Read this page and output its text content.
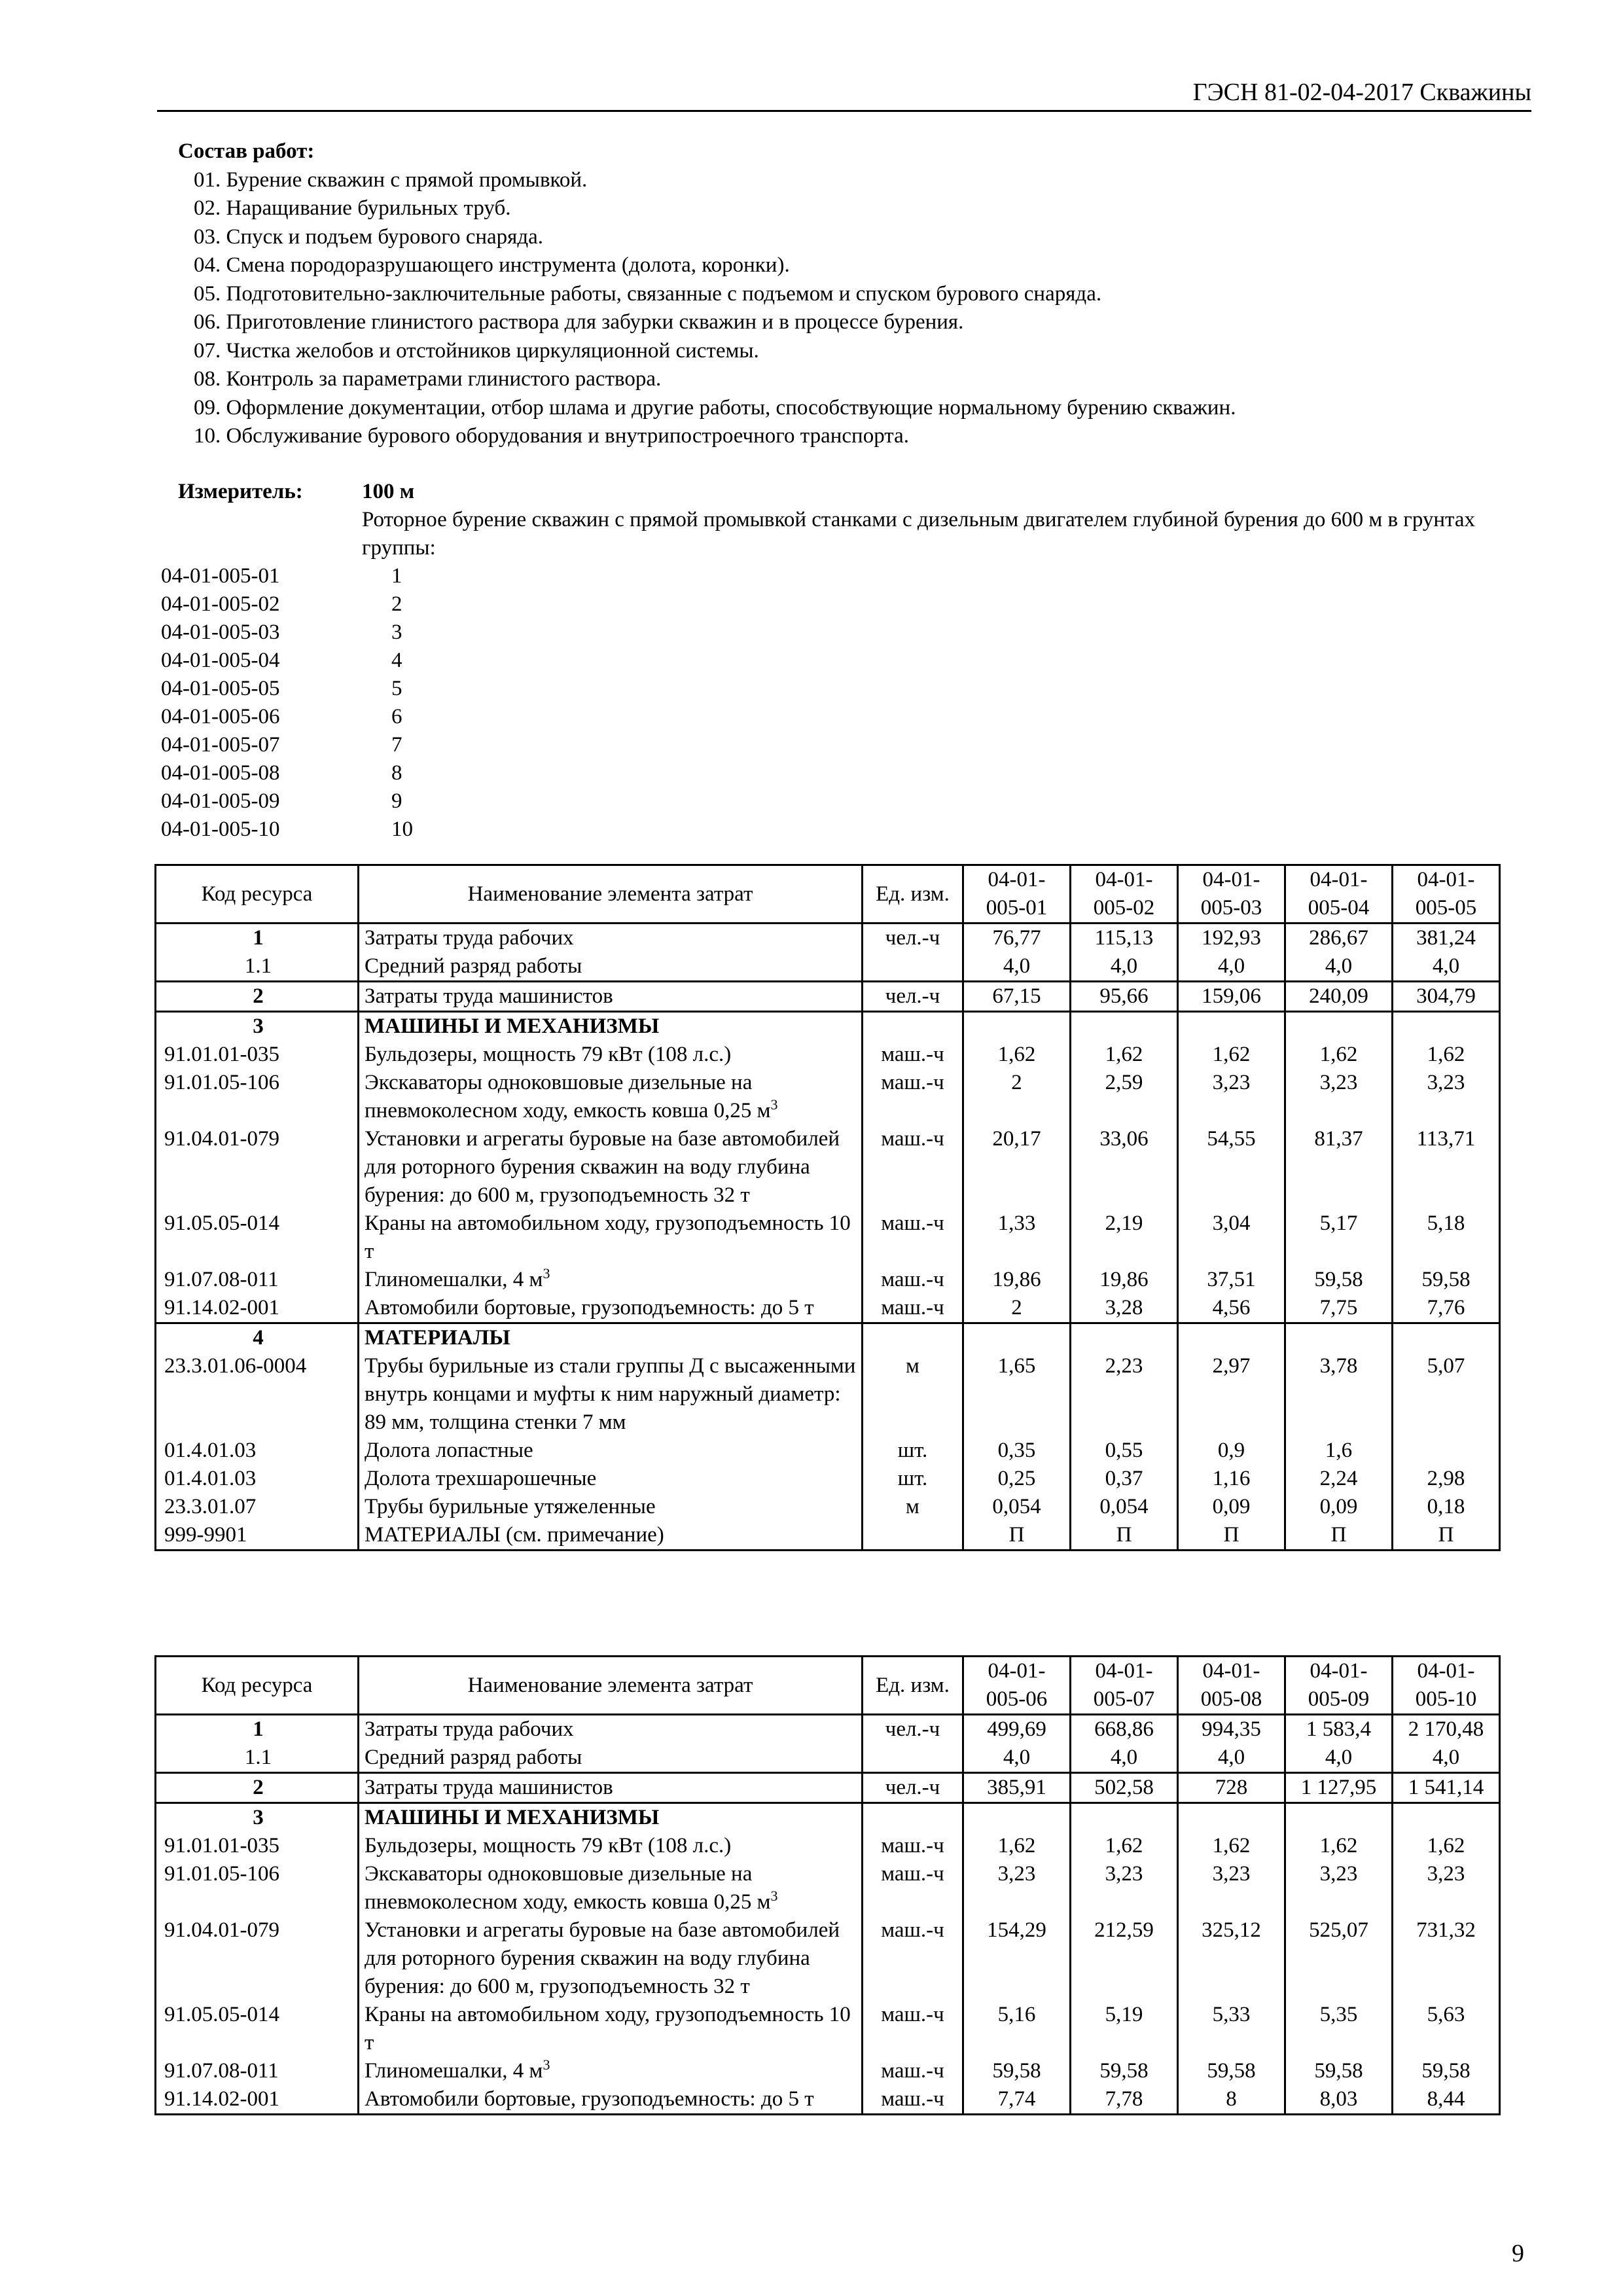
ГЭСН 81-02-04-2017 Скважины
Состав работ:
01. Бурение скважин с прямой промывкой.
02. Наращивание бурильных труб.
03. Спуск и подъем бурового снаряда.
04. Смена породоразрушающего инструмента (долота, коронки).
05. Подготовительно-заключительные работы, связанные с подъемом и спуском бурового снаряда.
06. Приготовление глинистого раствора для забурки скважин и в процессе бурения.
07. Чистка желобов и отстойников циркуляционной системы.
08. Контроль за параметрами глинистого раствора.
09. Оформление документации, отбор шлама и другие работы, способствующие нормальному бурению скважин.
10. Обслуживание бурового оборудования и внутрипостроечного транспорта.
Измеритель:	100 м
Роторное бурение скважин с прямой промывкой станками с дизельным двигателем глубиной бурения до 600 м в грунтах группы:
04-01-005-01	1
04-01-005-02	2
04-01-005-03	3
04-01-005-04	4
04-01-005-05	5
04-01-005-06	6
04-01-005-07	7
04-01-005-08	8
04-01-005-09	9
04-01-005-10	10
Код ресурса	Наименование элемента затрат	Ед. изм.	04-01-005-01	04-01-005-02	04-01-005-03	04-01-005-04	04-01-005-05
1	Затраты труда рабочих	чел.-ч	76,77	115,13	192,93	286,67	381,24
1.1	Средний разряд работы		4,0	4,0	4,0	4,0	4,0
2	Затраты труда машинистов	чел.-ч	67,15	95,66	159,06	240,09	304,79
3	МАШИНЫ И МЕХАНИЗМЫ						
91.01.01-035	Бульдозеры, мощность 79 кВт (108 л.с.)	маш.-ч	1,62	1,62	1,62	1,62	1,62
91.01.05-106	Экскаваторы одноковшовые дизельные на пневмоколесном ходу, емкость ковша 0,25 $м^3$	маш.-ч	2	2,59	3,23	3,23	3,23
91.04.01-079	Установки и агрегаты буровые на базе автомобилей для роторного бурения скважин на воду глубина бурения: до 600 м, грузоподъемность 32 т	маш.-ч	20,17	33,06	54,55	81,37	113,71
91.05.05-014	Краны на автомобильном ходу, грузоподъемность 10 т	маш.-ч	1,33	2,19	3,04	5,17	5,18
91.07.08-011	Глиномешалки, 4 $м^3$	маш.-ч	19,86	19,86	37,51	59,58	59,58
91.14.02-001	Автомобили бортовые, грузоподъемность: до 5 т	маш.-ч	2	3,28	4,56	7,75	7,76
4	МАТЕРИАЛЫ						
23.3.01.06-0004	Трубы бурильные из стали группы Д с высаженными внутрь концами и муфты к ним наружный диаметр: 89 мм, толщина стенки 7 мм	м	1,65	2,23	2,97	3,78	5,07
01.4.01.03	Долота лопастные	шт.	0,35	0,55	0,9	1,6	
01.4.01.03	Долота трехшарошечные	шт.	0,25	0,37	1,16	2,24	2,98
23.3.01.07	Трубы бурильные утяжеленные	м	0,054	0,054	0,09	0,09	0,18
999-9901	МАТЕРИАЛЫ (см. примечание)		П	П	П	П	П
Код ресурса	Наименование элемента затрат	Ед. изм.	04-01-005-06	04-01-005-07	04-01-005-08	04-01-005-09	04-01-005-10
1	Затраты труда рабочих	чел.-ч	499,69	668,86	994,35	1 583,4	2 170,48
1.1	Средний разряд работы		4,0	4,0	4,0	4,0	4,0
2	Затраты труда машинистов	чел.-ч	385,91	502,58	728	1 127,95	1 541,14
3	МАШИНЫ И МЕХАНИЗМЫ						
91.01.01-035	Бульдозеры, мощность 79 кВт (108 л.с.)	маш.-ч	1,62	1,62	1,62	1,62	1,62
91.01.05-106	Экскаваторы одноковшовые дизельные на пневмоколесном ходу, емкость ковша 0,25 $м^3$	маш.-ч	3,23	3,23	3,23	3,23	3,23
91.04.01-079	Установки и агрегаты буровые на базе автомобилей для роторного бурения скважин на воду глубина бурения: до 600 м, грузоподъемность 32 т	маш.-ч	154,29	212,59	325,12	525,07	731,32
91.05.05-014	Краны на автомобильном ходу, грузоподъемность 10 т	маш.-ч	5,16	5,19	5,33	5,35	5,63
91.07.08-011	Глиномешалки, 4 $м^3$	маш.-ч	59,58	59,58	59,58	59,58	59,58
91.14.02-001	Автомобили бортовые, грузоподъемность: до 5 т	маш.-ч	7,74	7,78	8	8,03	8,44
9
